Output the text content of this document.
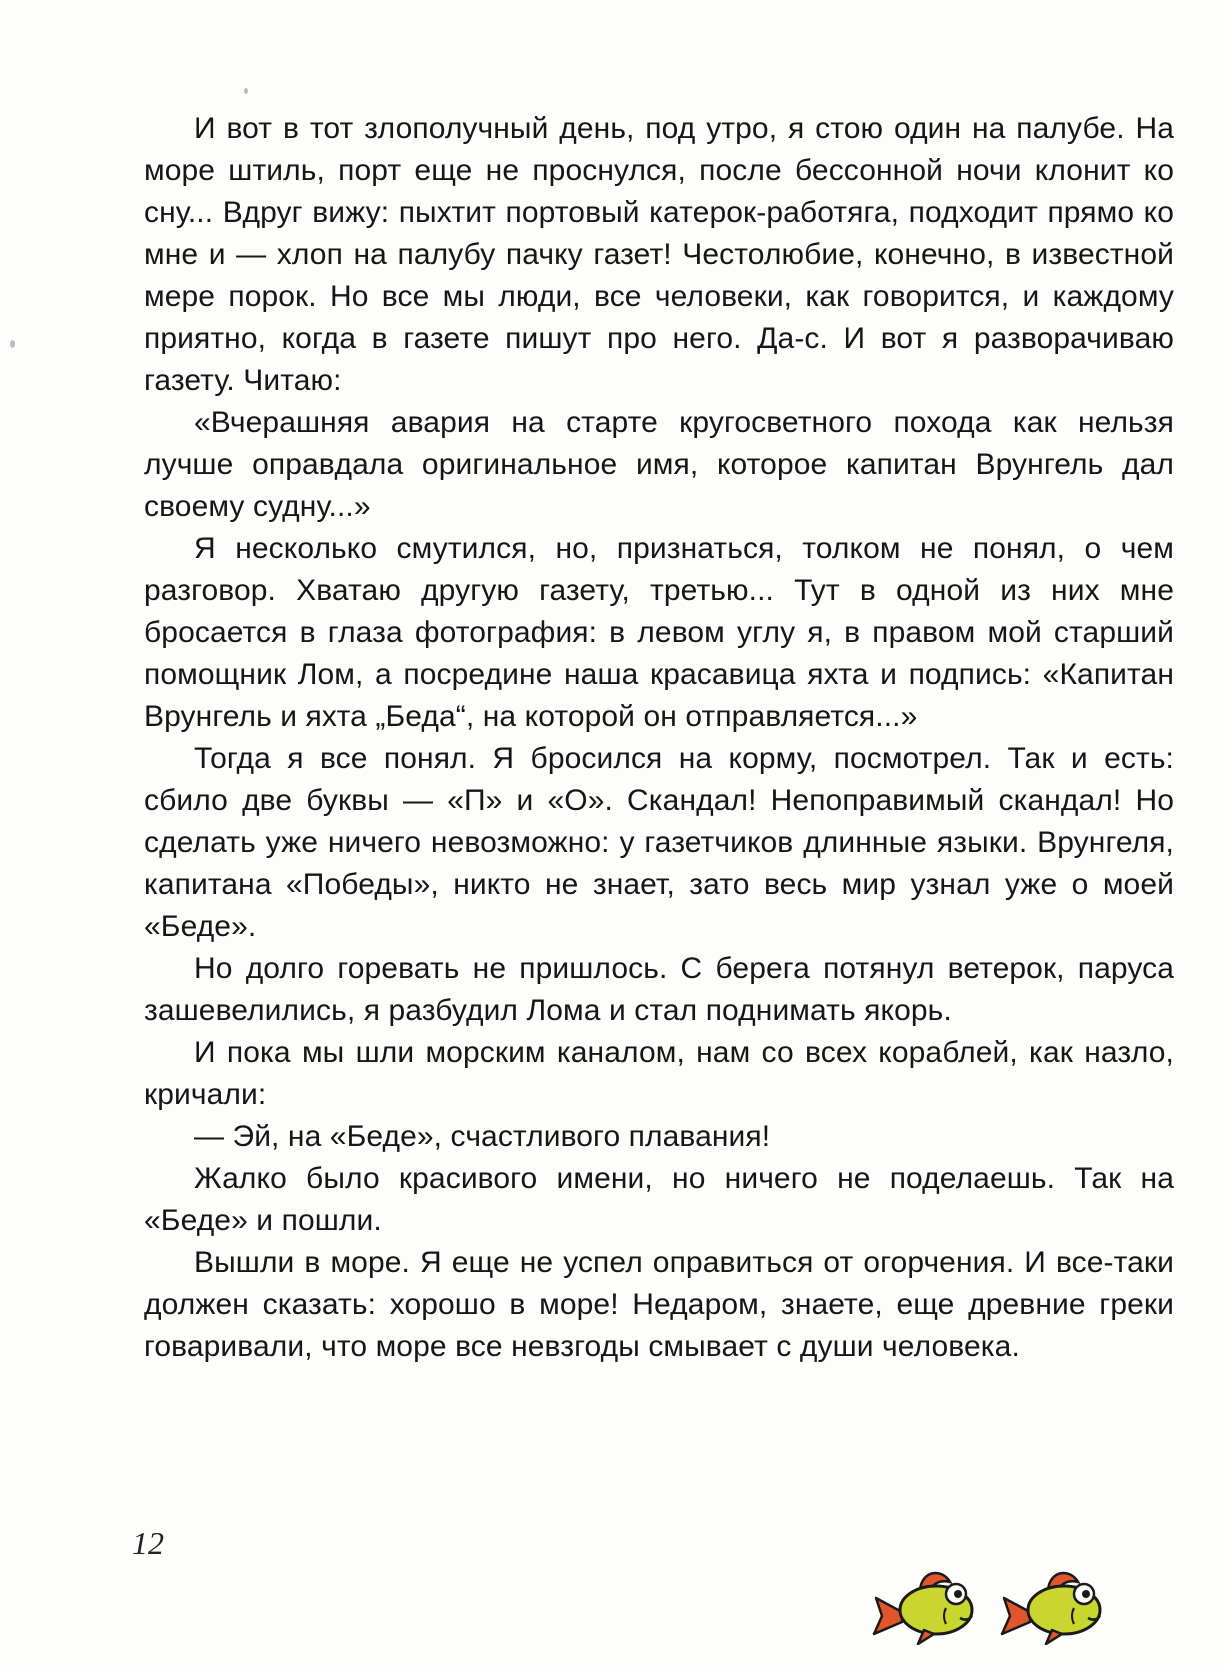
И вот в тот злополучный день, под утро, я стою один на палубе. На море штиль, порт еще не проснулся, после бессонной ночи клонит ко сну... Вдруг вижу: пыхтит портовый катерок-работяга, подходит прямо ко мне и — хлоп на палубу пачку газет! Честолюбие, конечно, в известной мере порок. Но все мы люди, все человеки, как говорится, и каждому приятно, когда в газете пишут про него. Да-с. И вот я разворачиваю газету. Читаю:

«Вчерашняя авария на старте кругосветного похода как нельзя лучше оправдала оригинальное имя, которое капитан Врунгель дал своему судну...»

Я несколько смутился, но, признаться, толком не понял, о чем разговор. Хватаю другую газету, третью... Тут в одной из них мне бросается в глаза фотография: в левом углу я, в правом мой старший помощник Лом, а посредине наша красавица яхта и подпись: «Капитан Врунгель и яхта „Беда“, на которой он отправляется...»

Тогда я все понял. Я бросился на корму, посмотрел. Так и есть: сбило две буквы — «П» и «О». Скандал! Непоправимый скандал! Но сделать уже ничего невозможно: у газетчиков длинные языки. Врунгеля, капитана «Победы», никто не знает, зато весь мир узнал уже о моей «Беде».

Но долго горевать не пришлось. С берега потянул ветерок, паруса зашевелились, я разбудил Лома и стал поднимать якорь.

И пока мы шли морским каналом, нам со всех кораблей, как назло, кричали:

— Эй, на «Беде», счастливого плавания!

Жалко было красивого имени, но ничего не поделаешь. Так на «Беде» и пошли.

Вышли в море. Я еще не успел оправиться от огорчения. И все-таки должен сказать: хорошо в море! Недаром, знаете, еще древние греки говаривали, что море все невзгоды смывает с души человека.

12
